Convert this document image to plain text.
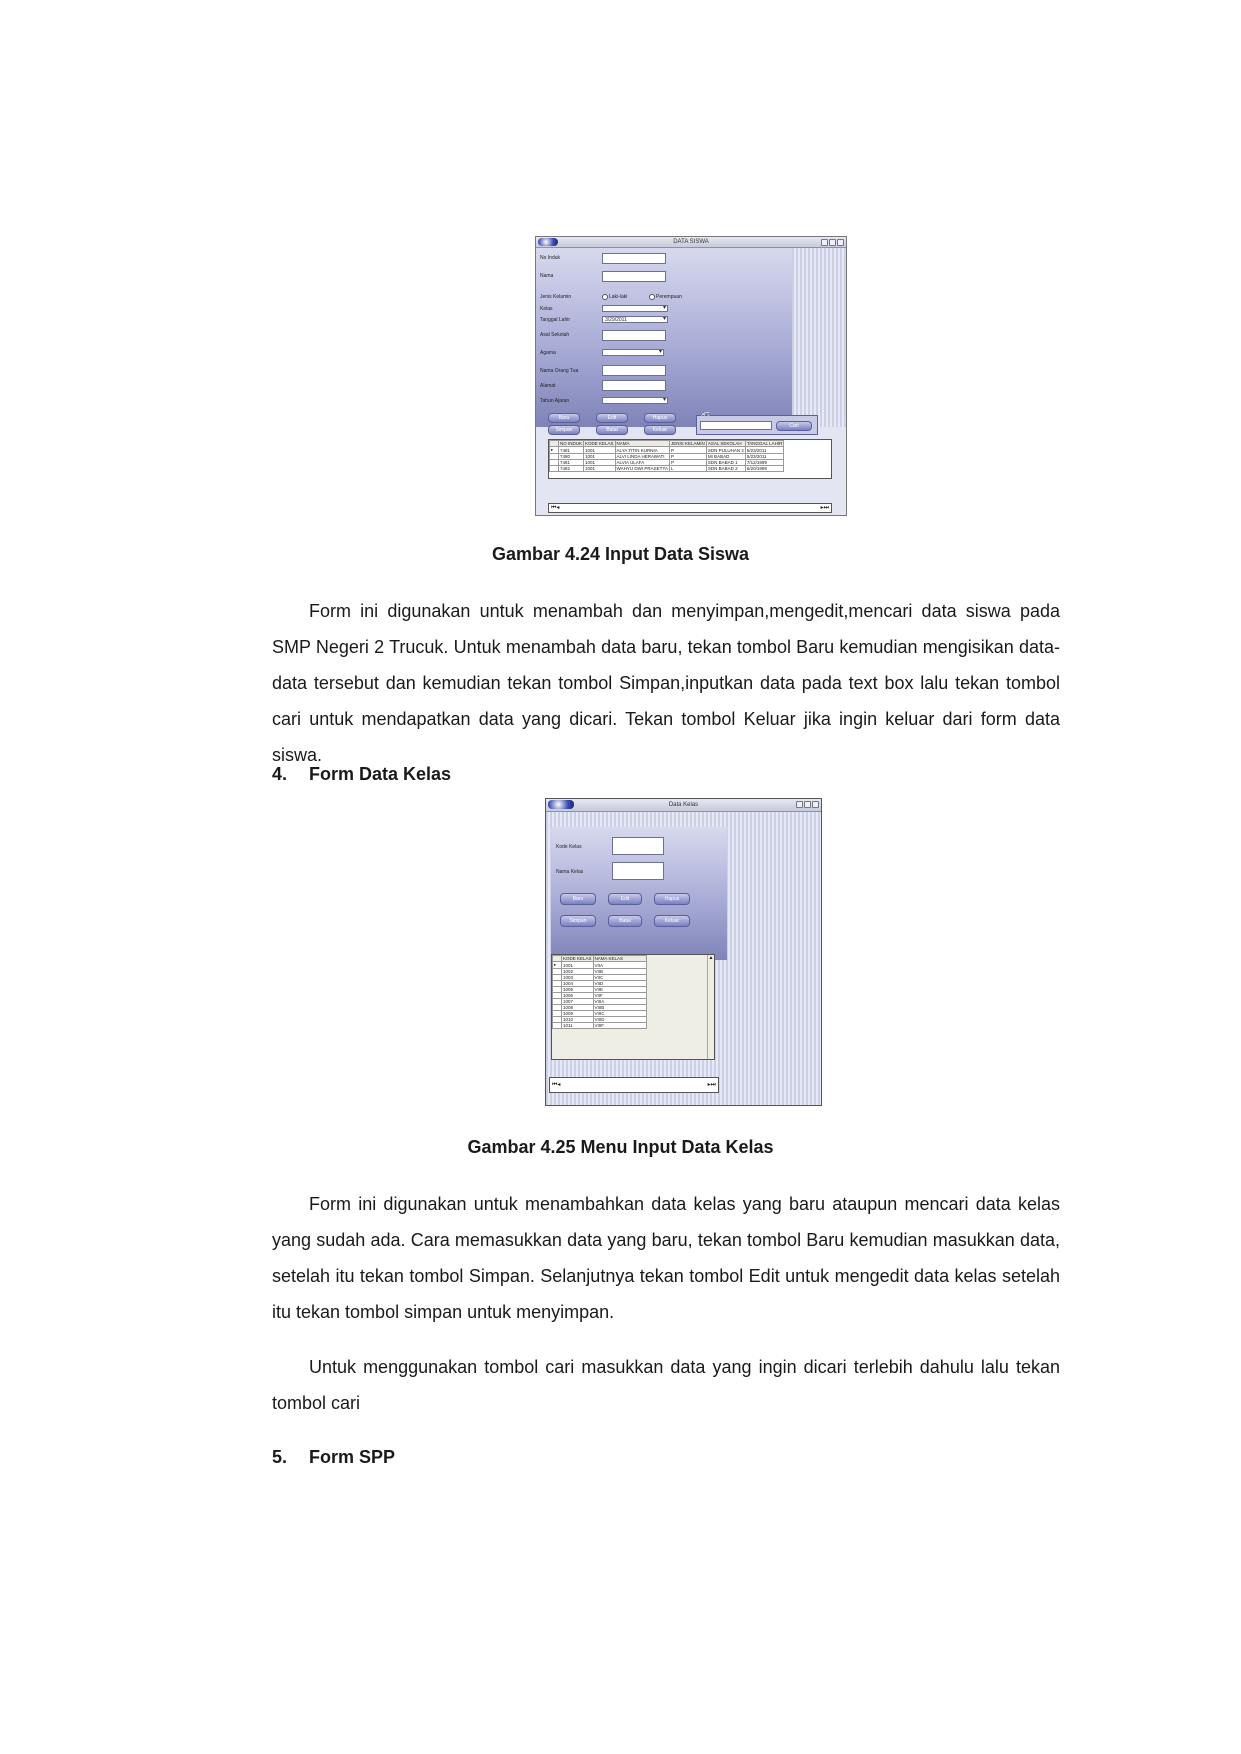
DATA SISWA
No Induk
Nama
Jenis Kelamin
Kelas
Tanggal Lahir
Asal Sekolah
Agama
Nama Orang Tua
Alamat
Tahun Ajaran
Laki-laki	Perempuan
▾
3/29/2011 ▾
▾
▾
Baru	Edit	Hapus
Simpan	Batal	Keluar
Cari
Cari
	NO INDUK	KODE KELAS	NAMA	JENIS KELAMIN	ASAL SEKOLAH	TANGGAL LAHIR
▸	7481	1001	ALYA TITIN KURNIA	P	SDN PULUHAN 2	5/23/2011
	7480	1001	ALVI LINDA HERAWATI	P	MI BABAD	5/23/2011
	7481	1001	ALVIA ULAFA	P	SDN BABAD 1	7/12/1999
	7482	1001	WAHYU DWI PRASETYA	L	SDN BABAD 2	6/20/1999
⏮◂	▸⏭
Gambar 4.24 Input Data Siswa

Form ini digunakan untuk menambah dan menyimpan,mengedit,mencari data siswa pada SMP Negeri 2 Trucuk. Untuk menambah data baru, tekan tombol Baru kemudian mengisikan data-data tersebut dan kemudian tekan tombol Simpan,inputkan data pada text box lalu tekan tombol cari untuk mendapatkan data yang dicari. Tekan tombol Keluar jika ingin keluar dari form data siswa.

4. Form Data Kelas
Data Kelas
Kode Kelas
Nama Kelas
Baru	Edit	Hapus
Simpan	Batal	Keluar
	KODE KELAS	NAMA KELAS
▸	1001	VIIA
	1002	VIIB
	1003	VIIC
	1004	VIID
	1005	VIIE
	1006	VIIF
	1007	VIIIA
	1008	VIIIB
	1009	VIIIC
	1010	VIIID
	1011	VIIIF
▲
⏮◂	▸⏭
Gambar 4.25 Menu Input Data Kelas

Form ini digunakan untuk menambahkan data kelas yang baru ataupun mencari data kelas yang sudah ada. Cara memasukkan data yang baru, tekan tombol Baru kemudian masukkan data, setelah itu tekan tombol Simpan. Selanjutnya tekan tombol Edit untuk mengedit data kelas setelah itu tekan tombol simpan untuk menyimpan.

Untuk menggunakan tombol cari masukkan data yang ingin dicari terlebih dahulu lalu tekan tombol cari

5. Form SPP
